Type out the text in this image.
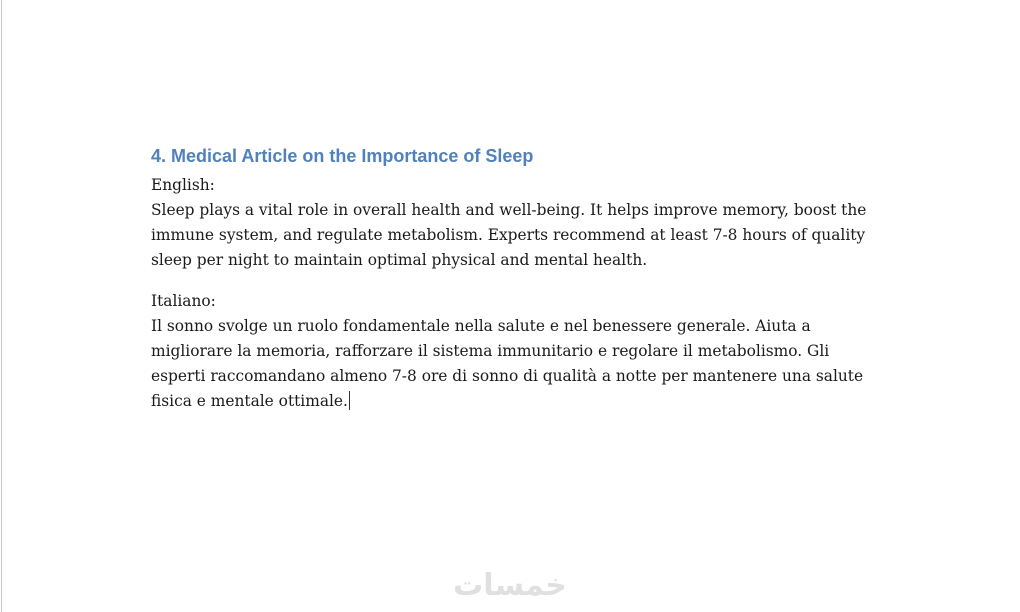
4. Medical Article on the Importance of Sleep

English:

Sleep plays a vital role in overall health and well-being. It helps improve memory, boost the immune system, and regulate metabolism. Experts recommend at least 7-8 hours of quality sleep per night to maintain optimal physical and mental health.

Italiano:

Il sonno svolge un ruolo fondamentale nella salute e nel benessere generale. Aiuta a migliorare la memoria, rafforzare il sistema immunitario e regolare il metabolismo. Gli esperti raccomandano almeno 7-8 ore di sonno di qualità a notte per mantenere una salute fisica e mentale ottimale.

خمسات
